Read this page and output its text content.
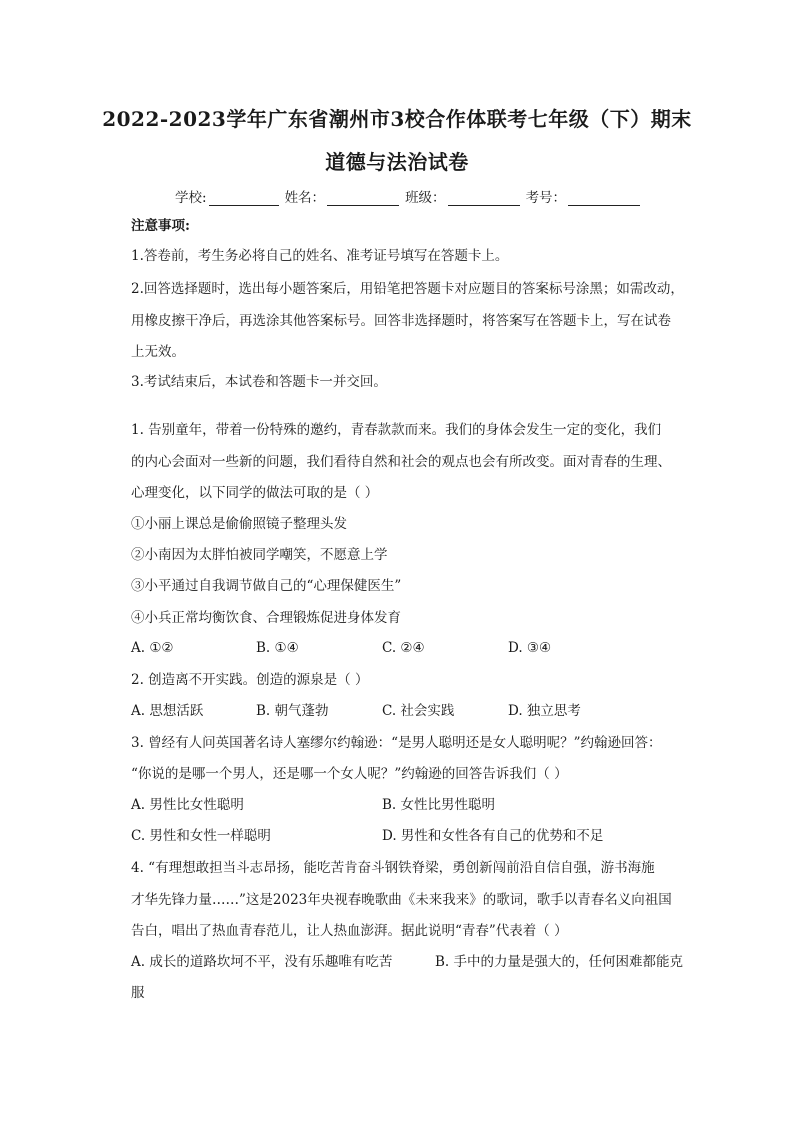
2022-2023学年广东省潮州市3校合作体联考七年级（下）期末
道德与法治试卷
学校:	姓名：	班级：	考号：
注意事项:
1.答卷前，考生务必将自己的姓名、准考证号填写在答题卡上。
2.回答选择题时，选出每小题答案后，用铅笔把答题卡对应题目的答案标号涂黑；如需改动，
用橡皮擦干净后，再选涂其他答案标号。回答非选择题时，将答案写在答题卡上，写在试卷
上无效。
3.考试结束后，本试卷和答题卡一并交回。
1. 告别童年，带着一份特殊的邀约，青春款款而来。我们的身体会发生一定的变化，我们
的内心会面对一些新的问题，我们看待自然和社会的观点也会有所改变。面对青春的生理、
心理变化，以下同学的做法可取的是（ ）
①小丽上课总是偷偷照镜子整理头发
②小南因为太胖怕被同学嘲笑，不愿意上学
③小平通过自我调节做自己的“心理保健医生”
④小兵正常均衡饮食、合理锻炼促进身体发育
A. ①②	B. ①④	C. ②④	D. ③④
2. 创造离不开实践。创造的源泉是（ ）
A. 思想活跃	B. 朝气蓬勃	C. 社会实践	D. 独立思考
3. 曾经有人问英国著名诗人塞缪尔约翰逊：“是男人聪明还是女人聪明呢？”约翰逊回答：
“你说的是哪一个男人，还是哪一个女人呢？”约翰逊的回答告诉我们（ ）
A. 男性比女性聪明	B. 女性比男性聪明
C. 男性和女性一样聪明	D. 男性和女性各有自己的优势和不足
4. “有理想敢担当斗志昂扬，能吃苦肯奋斗钢铁脊梁，勇创新闯前沿自信自强，游书海施
才华先锋力量……”这是2023年央视春晚歌曲《未来我来》的歌词，歌手以青春名义向祖国
告白，唱出了热血青春范儿，让人热血澎湃。据此说明“青春”代表着（ ）
A. 成长的道路坎坷不平，没有乐趣唯有吃苦	B. 手中的力量是强大的，任何困难都能克
服
